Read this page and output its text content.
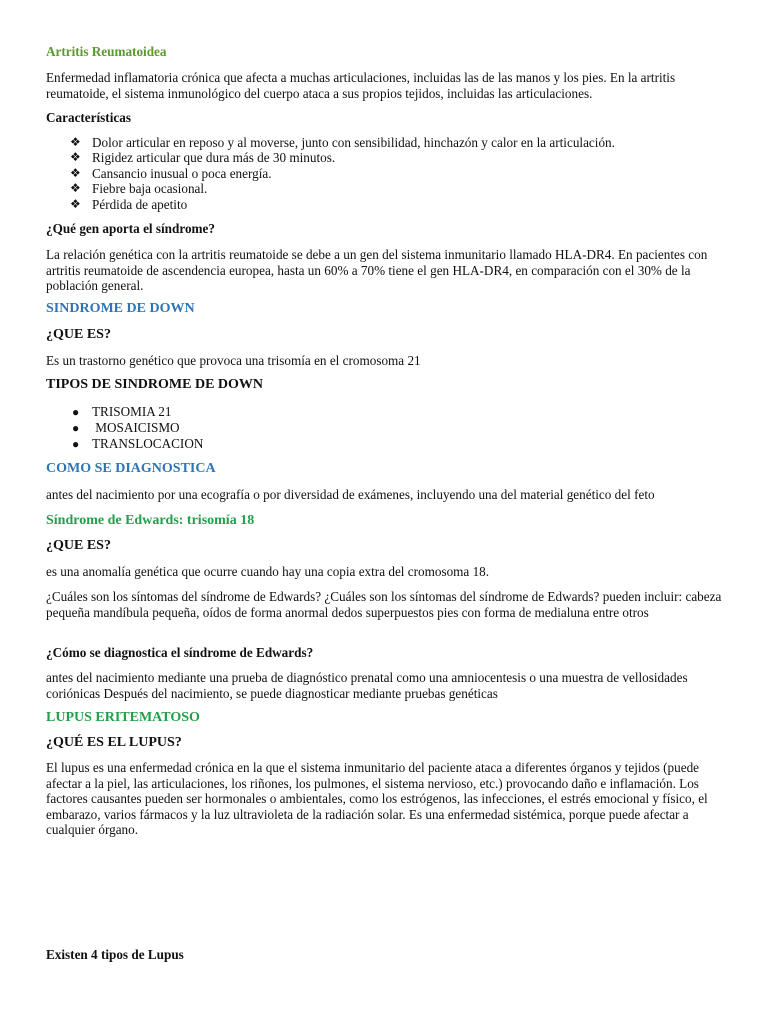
Artritis Reumatoidea

Enfermedad inflamatoria crónica que afecta a muchas articulaciones, incluidas las de las manos y los pies. En la artritis reumatoide, el sistema inmunológico del cuerpo ataca a sus propios tejidos, incluidas las articulaciones.

Características

❖ Dolor articular en reposo y al moverse, junto con sensibilidad, hinchazón y calor en la articulación.
❖ Rigidez articular que dura más de 30 minutos.
❖ Cansancio inusual o poca energía.
❖ Fiebre baja ocasional.
❖ Pérdida de apetito

¿Qué gen aporta el síndrome?

La relación genética con la artritis reumatoide se debe a un gen del sistema inmunitario llamado HLA-DR4. En pacientes con artritis reumatoide de ascendencia europea, hasta un 60% a 70% tiene el gen HLA-DR4, en comparación con el 30% de la población general.

SINDROME DE DOWN

¿QUE ES?

Es un trastorno genético que provoca una trisomía en el cromosoma 21

TIPOS DE SINDROME DE DOWN

● TRISOMIA 21
● MOSAICISMO
● TRANSLOCACION

COMO SE DIAGNOSTICA

antes del nacimiento por una ecografía o por diversidad de exámenes, incluyendo una del material genético del feto

Síndrome de Edwards: trisomía 18

¿QUE ES?

es una anomalía genética que ocurre cuando hay una copia extra del cromosoma 18.

¿Cuáles son los síntomas del síndrome de Edwards? ¿Cuáles son los síntomas del síndrome de Edwards? pueden incluir: cabeza pequeña mandíbula pequeña, oídos de forma anormal dedos superpuestos pies con forma de medialuna entre otros

¿Cómo se diagnostica el síndrome de Edwards?

antes del nacimiento mediante una prueba de diagnóstico prenatal como una amniocentesis o una muestra de vellosidades coriónicas Después del nacimiento, se puede diagnosticar mediante pruebas genéticas

LUPUS ERITEMATOSO

¿QUÉ ES EL LUPUS?

El lupus es una enfermedad crónica en la que el sistema inmunitario del paciente ataca a diferentes órganos y tejidos (puede afectar a la piel, las articulaciones, los riñones, los pulmones, el sistema nervioso, etc.) provocando daño e inflamación. Los factores causantes pueden ser hormonales o ambientales, como los estrógenos, las infecciones, el estrés emocional y físico, el embarazo, varios fármacos y la luz ultravioleta de la radiación solar. Es una enfermedad sistémica, porque puede afectar a cualquier órgano.

Existen 4 tipos de Lupus
